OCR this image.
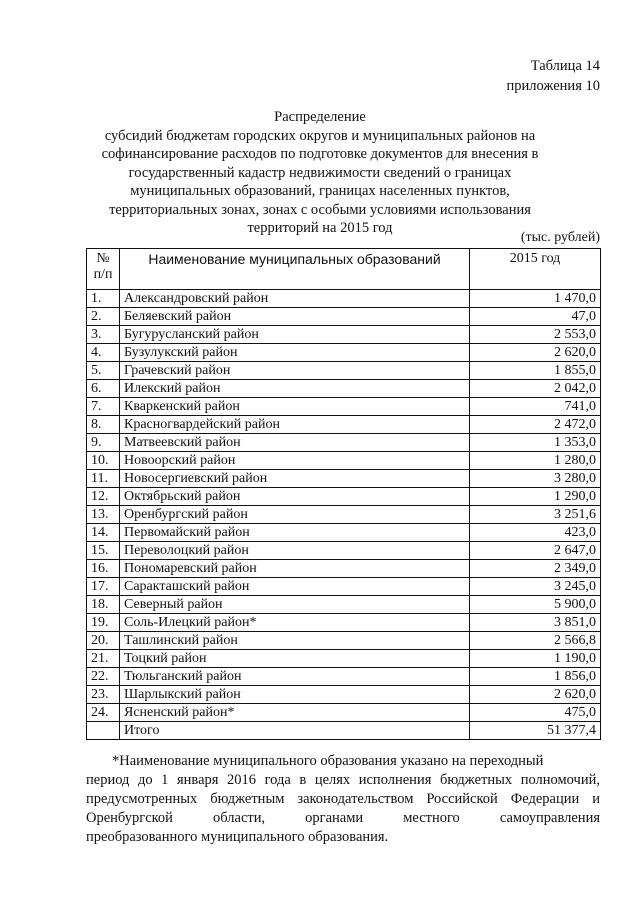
Таблица 14
приложения 10
Распределение
субсидий бюджетам городских округов и муниципальных районов на
софинансирование расходов по подготовке документов для внесения в
государственный кадастр недвижимости сведений о границах
муниципальных образований, границах населенных пунктов,
территориальных зонах, зонах с особыми условиями использования
территорий на 2015 год
(тыс. рублей)
№
п/п	Наименование муниципальных образований	2015 год
1.	Александровский район	1 470,0
2.	Беляевский район	47,0
3.	Бугурусланский район	2 553,0
4.	Бузулукский район	2 620,0
5.	Грачевский район	1 855,0
6.	Илекский район	2 042,0
7.	Кваркенский район	741,0
8.	Красногвардейский район	2 472,0
9.	Матвеевский район	1 353,0
10.	Новоорский район	1 280,0
11.	Новосергиевский район	3 280,0
12.	Октябрьский район	1 290,0
13.	Оренбургский район	3 251,6
14.	Первомайский район	423,0
15.	Переволоцкий район	2 647,0
16.	Пономаревский район	2 349,0
17.	Саракташский район	3 245,0
18.	Северный район	5 900,0
19.	Соль-Илецкий район*	3 851,0
20.	Ташлинский район	2 566,8
21.	Тоцкий район	1 190,0
22.	Тюльганский район	1 856,0
23.	Шарлыкский район	2 620,0
24.	Ясненский район*	475,0
	Итого	51 377,4

*Наименование муниципального образования указано на переходный

период до 1 января 2016 года в целях исполнения бюджетных полномочий,
предусмотренных бюджетным законодательством Российской Федерации и
Оренбургской	области,	органами	местного	самоуправления
преобразованного муниципального образования.
